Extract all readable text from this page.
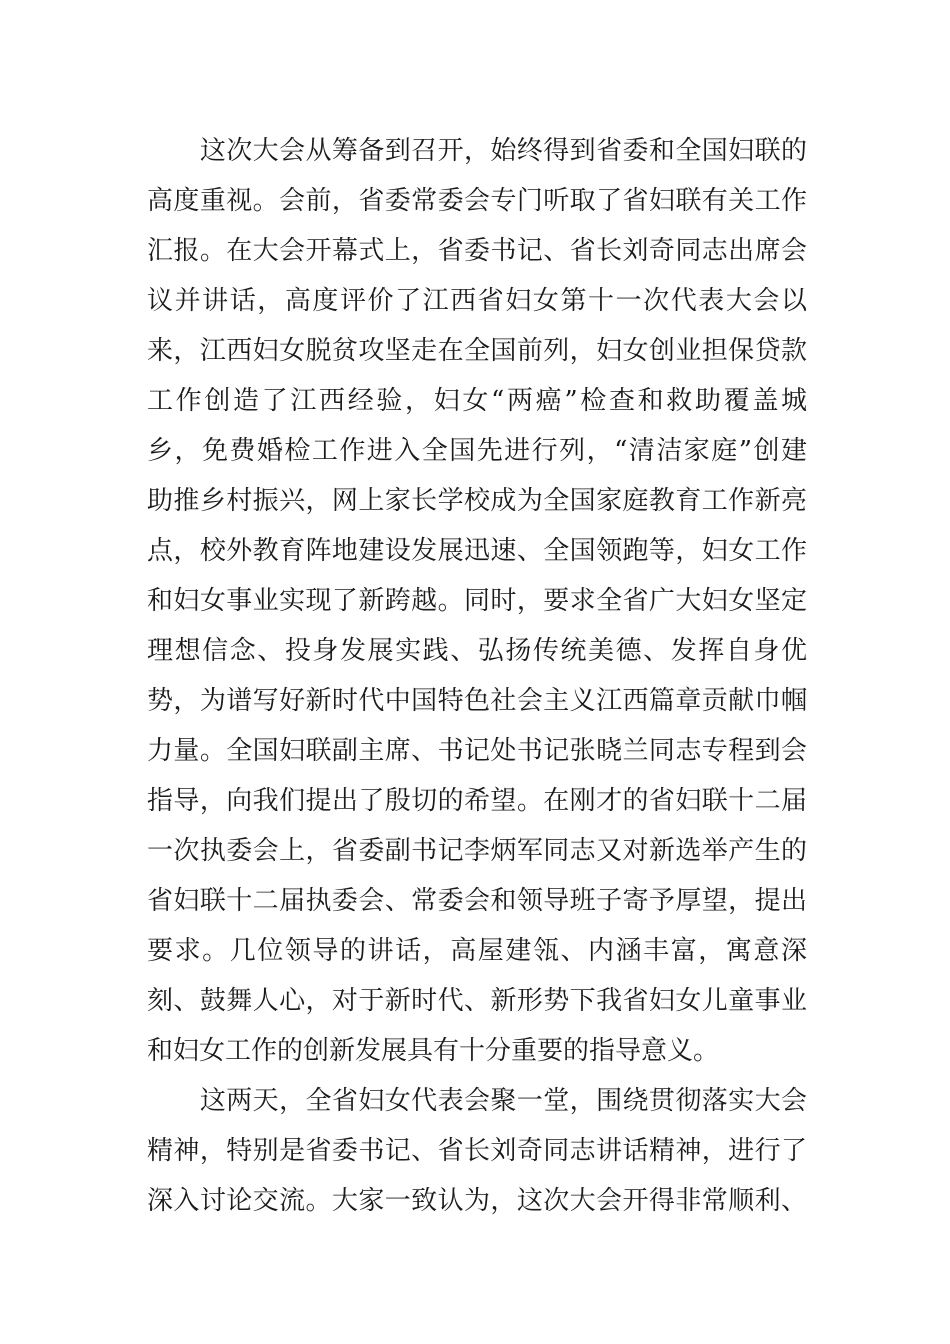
　　这次大会从筹备到召开，始终得到省委和全国妇联的
高度重视。会前，省委常委会专门听取了省妇联有关工作
汇报。在大会开幕式上，省委书记、省长刘奇同志出席会
议并讲话，高度评价了江西省妇女第十一次代表大会以
来，江西妇女脱贫攻坚走在全国前列，妇女创业担保贷款
工作创造了江西经验，妇女“两癌”检查和救助覆盖城
乡，免费婚检工作进入全国先进行列，“清洁家庭”创建
助推乡村振兴，网上家长学校成为全国家庭教育工作新亮
点，校外教育阵地建设发展迅速、全国领跑等，妇女工作
和妇女事业实现了新跨越。同时，要求全省广大妇女坚定
理想信念、投身发展实践、弘扬传统美德、发挥自身优
势，为谱写好新时代中国特色社会主义江西篇章贡献巾帼
力量。全国妇联副主席、书记处书记张晓兰同志专程到会
指导，向我们提出了殷切的希望。在刚才的省妇联十二届
一次执委会上，省委副书记李炳军同志又对新选举产生的
省妇联十二届执委会、常委会和领导班子寄予厚望，提出
要求。几位领导的讲话，高屋建瓴、内涵丰富，寓意深
刻、鼓舞人心，对于新时代、新形势下我省妇女儿童事业
和妇女工作的创新发展具有十分重要的指导意义。
　　这两天，全省妇女代表会聚一堂，围绕贯彻落实大会
精神，特别是省委书记、省长刘奇同志讲话精神，进行了
深入讨论交流。大家一致认为，这次大会开得非常顺利、
